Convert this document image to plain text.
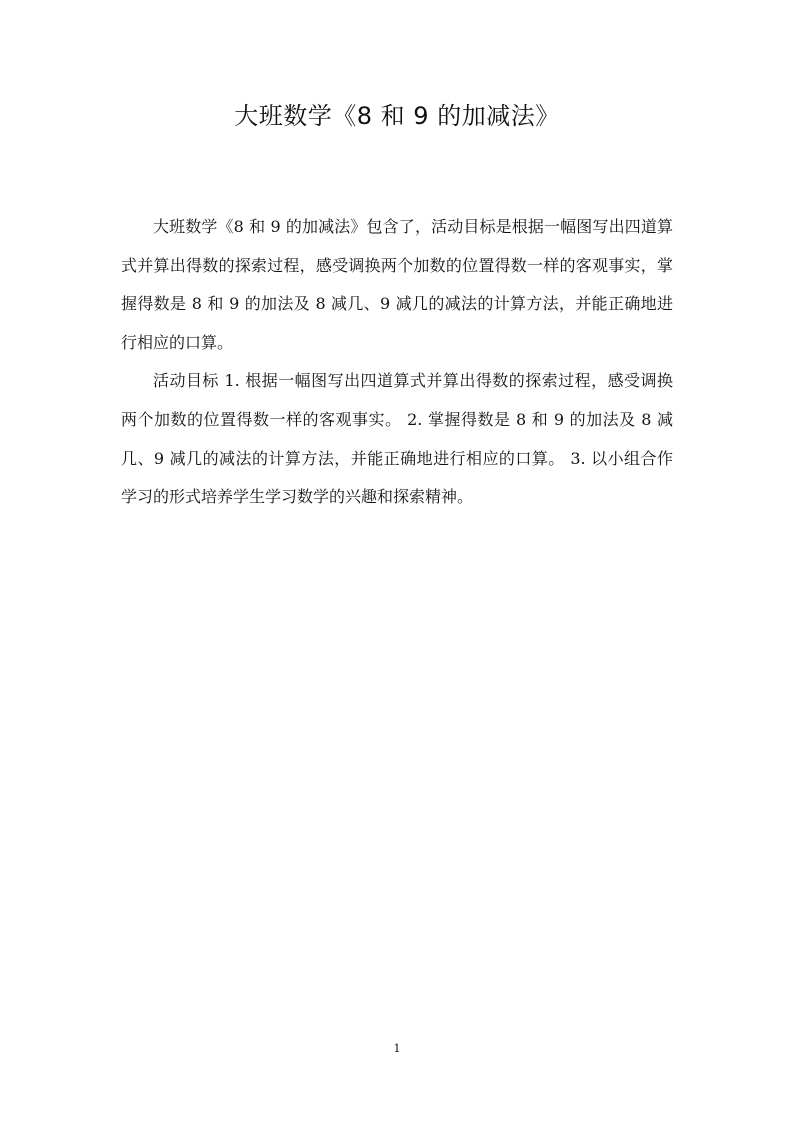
大班数学《8 和 9 的加减法》

大班数学《8 和 9 的加减法》包含了，活动目标是根据一幅图写出四道算式并算出得数的探索过程，感受调换两个加数的位置得数一样的客观事实，掌握得数是 8 和 9 的加法及 8 减几、9 减几的减法的计算方法，并能正确地进行相应的口算。

活动目标 1. 根据一幅图写出四道算式并算出得数的探索过程，感受调换两个加数的位置得数一样的客观事实。 2. 掌握得数是 8 和 9 的加法及 8 减几、9 减几的减法的计算方法，并能正确地进行相应的口算。 3. 以小组合作学习的形式培养学生学习数学的兴趣和探索精神。

1
